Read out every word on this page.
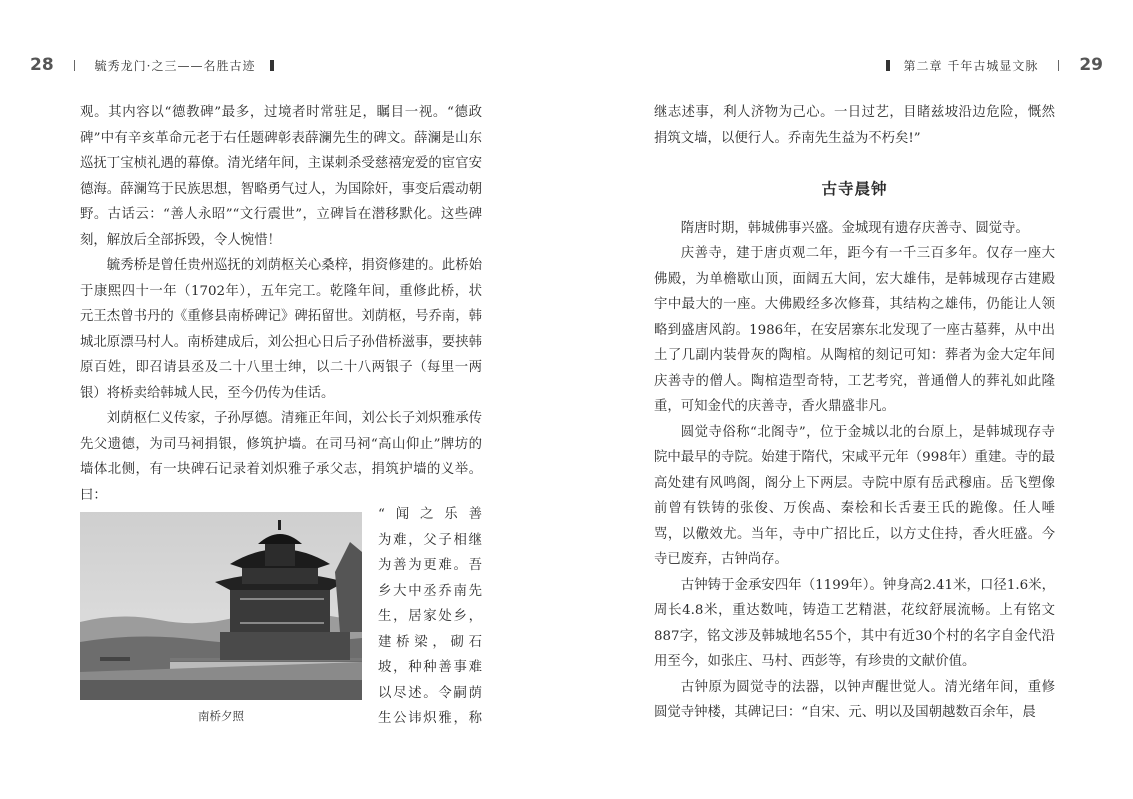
28	毓秀龙门·之三——名胜古迹

观。其内容以“德教碑”最多，过境者时常驻足，瞩目一视。“德政碑”中有辛亥革命元老于右任题碑彰表薛澜先生的碑文。薛澜是山东巡抚丁宝桢礼遇的幕僚。清光绪年间，主谋刺杀受慈禧宠爱的宦官安德海。薛澜笃于民族思想，智略勇气过人，为国除奸，事变后震动朝野。古话云：“善人永昭”“文行震世”，立碑旨在潜移默化。这些碑刻，解放后全部拆毁，令人惋惜！

毓秀桥是曾任贵州巡抚的刘荫枢关心桑梓，捐资修建的。此桥始于康熙四十一年（1702年），五年完工。乾隆年间，重修此桥，状元王杰曾书丹的《重修县南桥碑记》碑拓留世。刘荫枢，号乔南，韩城北原漂马村人。南桥建成后，刘公担心日后子孙借桥滋事，要挟韩原百姓，即召请县丞及二十八里士绅，以二十八两银子（每里一两银）将桥卖给韩城人民，至今仍传为佳话。

刘荫枢仁义传家，子孙厚德。清雍正年间，刘公长子刘炽雅承传先父遗德，为司马祠捐银，修筑护墙。在司马祠“高山仰止”牌坊的墙体北侧，有一块碑石记录着刘炽雅子承父志，捐筑护墙的义举。曰：

南桥夕照
“闻之乐善
为难，父子相继
为善为更难。吾
乡大中丞乔南先
生，居家处乡，
建桥梁，砌石
坡，种种善事难
以尽述。令嗣荫
生公讳炽雅，称
第二章 千年古城显文脉 29

继志述事，利人济物为己心。一日过艺，目睹兹坡沿边危险，慨然捐筑文墙，以便行人。乔南先生益为不朽矣!”

古寺晨钟

隋唐时期，韩城佛事兴盛。金城现有遗存庆善寺、圆觉寺。

庆善寺，建于唐贞观二年，距今有一千三百多年。仅存一座大佛殿，为单檐歇山顶，面阔五大间，宏大雄伟，是韩城现存古建殿宇中最大的一座。大佛殿经多次修葺，其结构之雄伟，仍能让人领略到盛唐风韵。1986年，在安居寨东北发现了一座古墓葬，从中出土了几副内装骨灰的陶棺。从陶棺的刻记可知：葬者为金大定年间庆善寺的僧人。陶棺造型奇特，工艺考究，普通僧人的葬礼如此隆重，可知金代的庆善寺，香火鼎盛非凡。

圆觉寺俗称“北阁寺”，位于金城以北的台原上，是韩城现存寺院中最早的寺院。始建于隋代，宋咸平元年（998年）重建。寺的最高处建有风鸣阁，阁分上下两层。寺院中原有岳武穆庙。岳飞塑像前曾有铁铸的张俊、万俟卨、秦桧和长舌妻王氏的跪像。任人唾骂，以儆效尤。当年，寺中广招比丘，以方丈住持，香火旺盛。今寺已废弃，古钟尚存。

古钟铸于金承安四年（1199年）。钟身高2.41米，口径1.6米，周长4.8米，重达数吨，铸造工艺精湛，花纹舒展流畅。上有铭文887字，铭文涉及韩城地名55个，其中有近30个村的名字自金代沿用至今，如张庄、马村、西彭等，有珍贵的文献价值。

古钟原为圆觉寺的法器，以钟声醒世觉人。清光绪年间，重修圆觉寺钟楼，其碑记曰：“自宋、元、明以及国朝越数百余年，晨
